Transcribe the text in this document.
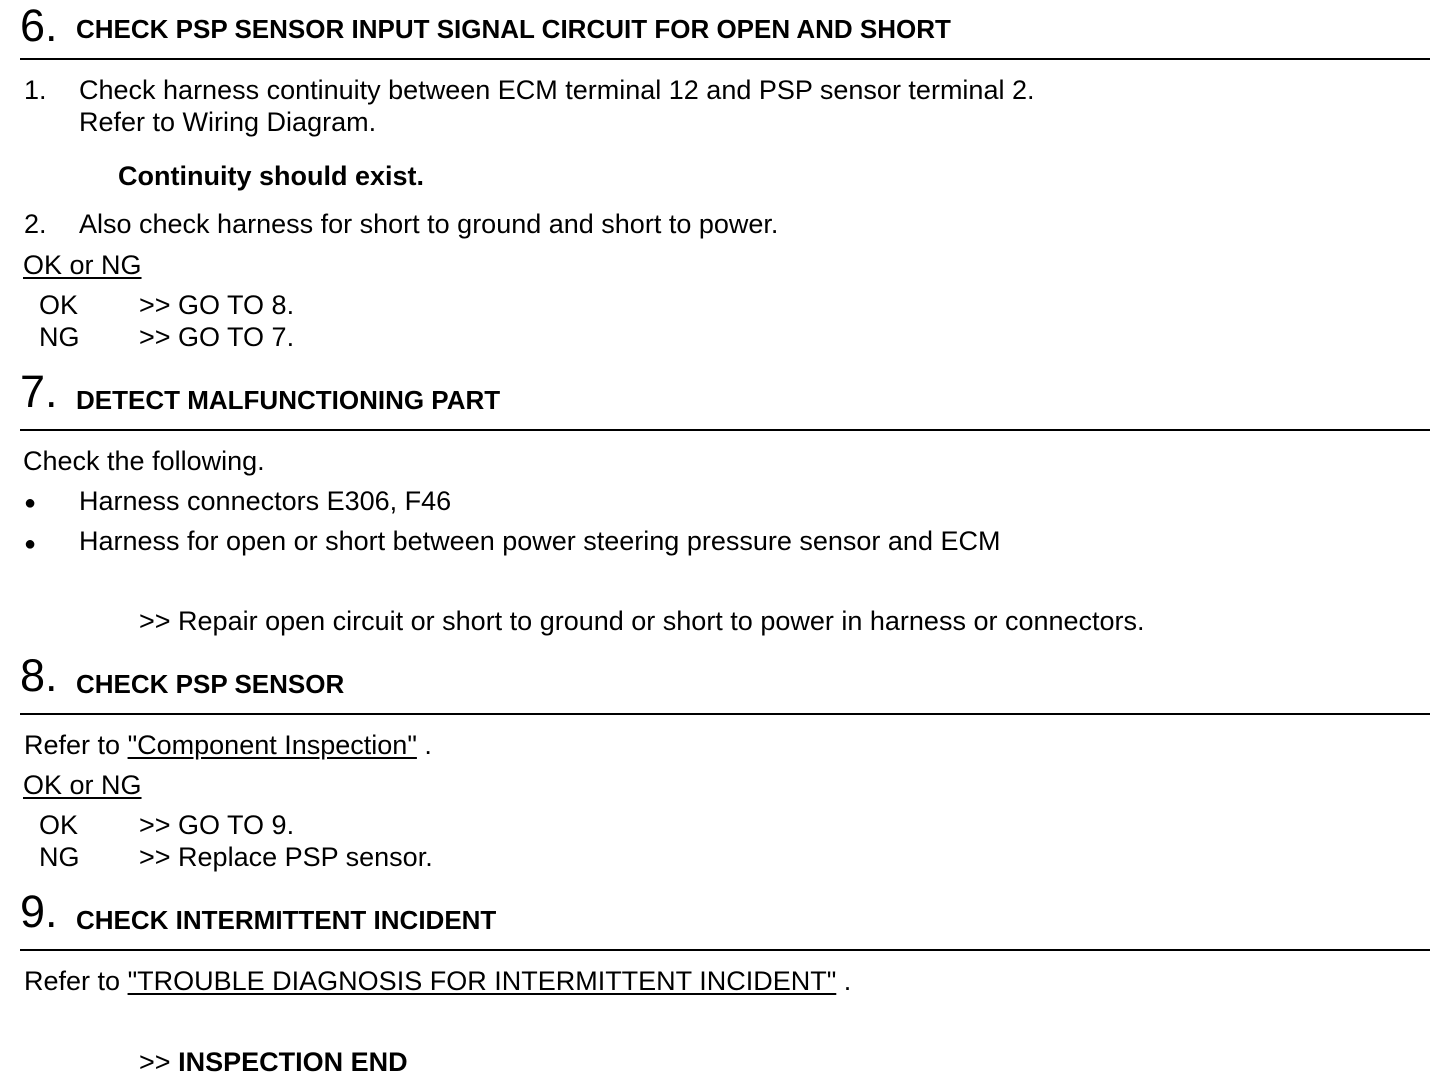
6. CHECK PSP SENSOR INPUT SIGNAL CIRCUIT FOR OPEN AND SHORT
1. Check harness continuity between ECM terminal 12 and PSP sensor terminal 2.
Refer to Wiring Diagram.
Continuity should exist.
2. Also check harness for short to ground and short to power.
OK or NG
OK >> GO TO 8.
NG >> GO TO 7.
7. DETECT MALFUNCTIONING PART
Check the following.
● Harness connectors E306, F46
● Harness for open or short between power steering pressure sensor and ECM
>> Repair open circuit or short to ground or short to power in harness or connectors.
8. CHECK PSP SENSOR
Refer to "Component Inspection" .
OK or NG
OK >> GO TO 9.
NG >> Replace PSP sensor.
9. CHECK INTERMITTENT INCIDENT
Refer to "TROUBLE DIAGNOSIS FOR INTERMITTENT INCIDENT" .
>> INSPECTION END
